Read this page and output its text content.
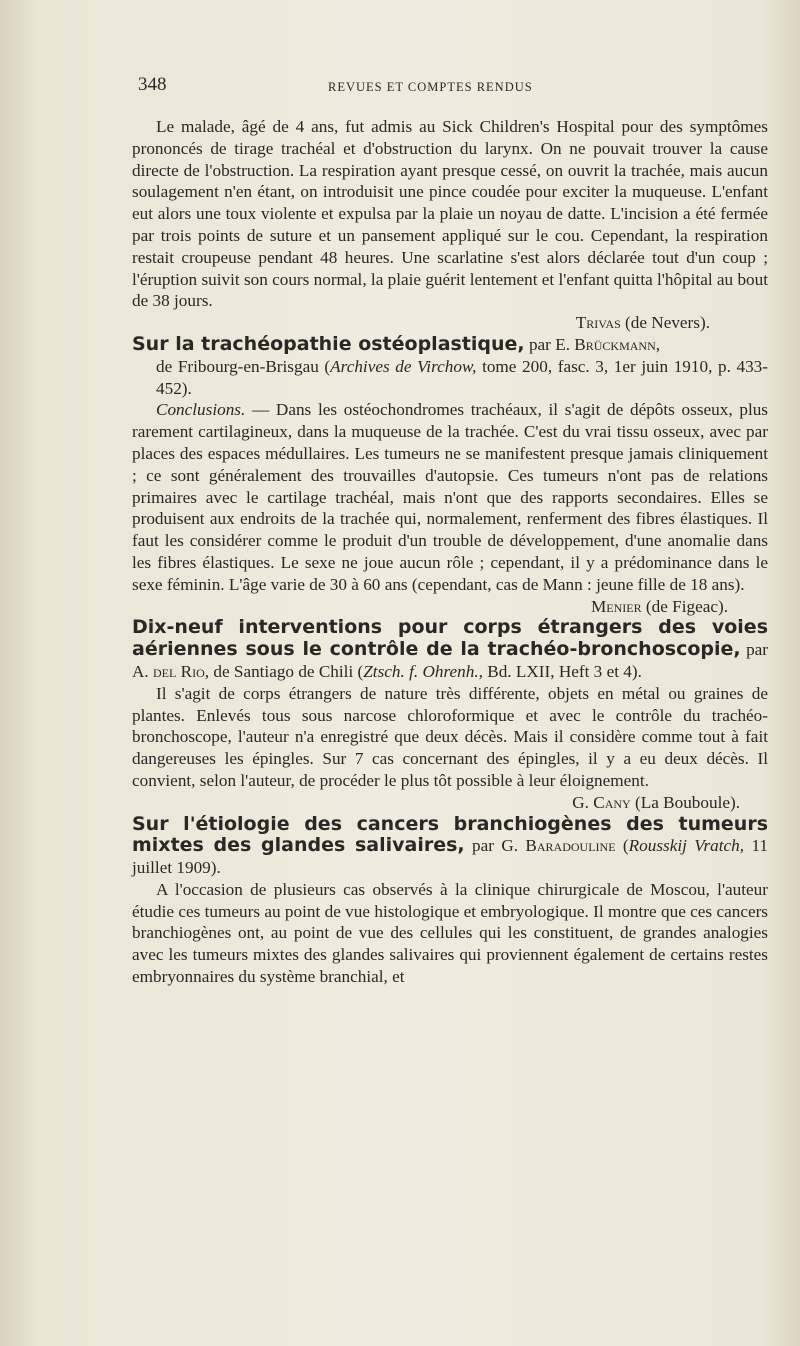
348	REVUES ET COMPTES RENDUS

Le malade, âgé de 4 ans, fut admis au Sick Children's Hospital pour des symptômes prononcés de tirage trachéal et d'obstruction du larynx. On ne pouvait trouver la cause directe de l'obstruction. La respiration ayant presque cessé, on ouvrit la trachée, mais aucun soulagement n'en étant, on introduisit une pince coudée pour exciter la muqueuse. L'enfant eut alors une toux violente et expulsa par la plaie un noyau de datte. L'incision a été fermée par trois points de suture et un pansement appliqué sur le cou. Cependant, la respiration restait croupeuse pendant 48 heures. Une scarlatine s'est alors déclarée tout d'un coup ; l'éruption suivit son cours normal, la plaie guérit lentement et l'enfant quitta l'hôpital au bout de 38 jours.

Trivas (de Nevers).

Sur la trachéopathie ostéoplastique, par E. Brückmann,
de Fribourg-en-Brisgau (Archives de Virchow, tome 200, fasc. 3, 1er juin 1910, p. 433-452).

Conclusions. — Dans les ostéochondromes trachéaux, il s'agit de dépôts osseux, plus rarement cartilagineux, dans la muqueuse de la trachée. C'est du vrai tissu osseux, avec par places des espaces médullaires. Les tumeurs ne se manifestent presque jamais cliniquement ; ce sont généralement des trouvailles d'autopsie. Ces tumeurs n'ont pas de relations primaires avec le cartilage trachéal, mais n'ont que des rapports secondaires. Elles se produisent aux endroits de la trachée qui, normalement, renferment des fibres élastiques. Il faut les considérer comme le produit d'un trouble de développement, d'une anomalie dans les fibres élastiques. Le sexe ne joue aucun rôle ; cependant, il y a prédominance dans le sexe féminin. L'âge varie de 30 à 60 ans (cependant, cas de Mann : jeune fille de 18 ans).

Menier (de Figeac).

Dix-neuf interventions pour corps étrangers des voies aériennes sous le contrôle de la trachéo-bronchoscopie, par A. del Rio, de Santiago de Chili (Ztsch. f. Ohrenh., Bd. LXII, Heft 3 et 4).

Il s'agit de corps étrangers de nature très différente, objets en métal ou graines de plantes. Enlevés tous sous narcose chloroformique et avec le contrôle du trachéo-bronchoscope, l'auteur n'a enregistré que deux décès. Mais il considère comme tout à fait dangereuses les épingles. Sur 7 cas concernant des épingles, il y a eu deux décès. Il convient, selon l'auteur, de procéder le plus tôt possible à leur éloignement.

G. Cany (La Bouboule).

Sur l'étiologie des cancers branchiogènes des tumeurs mixtes des glandes salivaires, par G. Baradouline (Rousskij Vratch, 11 juillet 1909).

A l'occasion de plusieurs cas observés à la clinique chirurgicale de Moscou, l'auteur étudie ces tumeurs au point de vue histologique et embryologique. Il montre que ces cancers branchiogènes ont, au point de vue des cellules qui les constituent, de grandes analogies avec les tumeurs mixtes des glandes salivaires qui proviennent également de certains restes embryonnaires du système branchial, et
